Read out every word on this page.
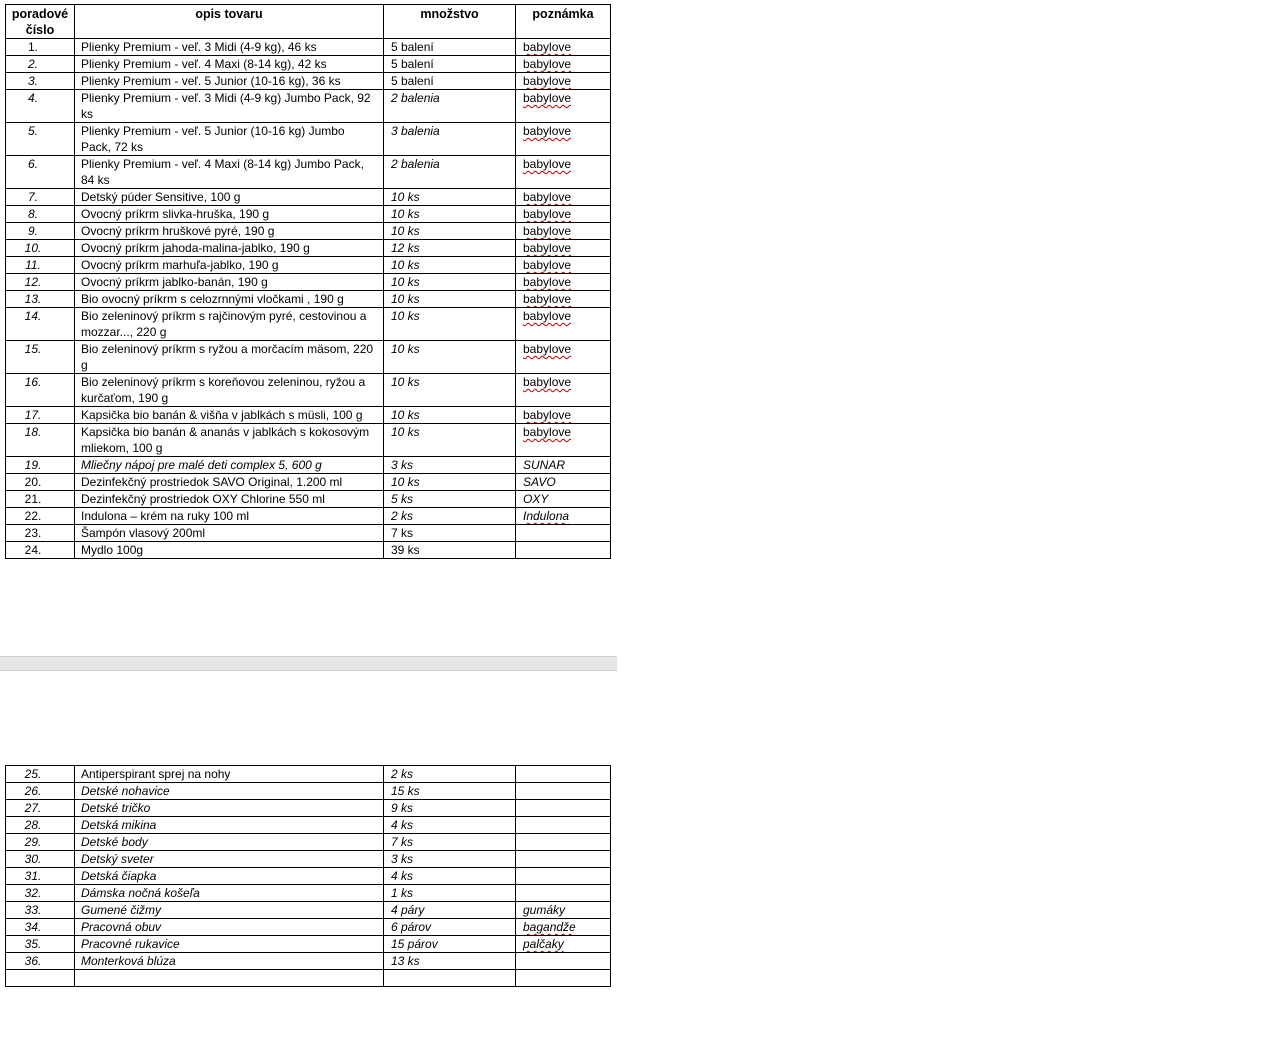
poradové číslo	opis tovaru	množstvo	poznámka
1.	Plienky Premium - veľ. 3 Midi (4-9 kg), 46 ks	5 balení	babylove
2.	Plienky Premium - veľ. 4 Maxi (8-14 kg), 42 ks	5 balení	babylove
3.	Plienky Premium - veľ. 5 Junior (10-16 kg), 36 ks	5 balení	babylove
4.	Plienky Premium - veľ. 3 Midi (4-9 kg) Jumbo Pack, 92 ks	2 balenia	babylove
5.	Plienky Premium - veľ. 5 Junior (10-16 kg) Jumbo Pack, 72 ks	3 balenia	babylove
6.	Plienky Premium - veľ. 4 Maxi (8-14 kg) Jumbo Pack, 84 ks	2 balenia	babylove
7.	Detský púder Sensitive, 100 g	10 ks	babylove
8.	Ovocný príkrm slivka-hruška, 190 g	10 ks	babylove
9.	Ovocný príkrm hruškové pyré, 190 g	10 ks	babylove
10.	Ovocný príkrm jahoda-malina-jablko, 190 g	12 ks	babylove
11.	Ovocný príkrm marhuľa-jablko, 190 g	10 ks	babylove
12.	Ovocný príkrm jablko-banán, 190 g	10 ks	babylove
13.	Bio ovocný príkrm s celozrnnými vločkami , 190 g	10 ks	babylove
14.	Bio zeleninový príkrm s rajčinovým pyré, cestovinou a mozzar..., 220 g	10 ks	babylove
15.	Bio zeleninový príkrm s ryžou a morčacím mäsom, 220 g	10 ks	babylove
16.	Bio zeleninový príkrm s koreňovou zeleninou, ryžou a kurčaťom, 190 g	10 ks	babylove
17.	Kapsička bio banán & višňa v jablkách s müsli, 100 g	10 ks	babylove
18.	Kapsička bio banán & ananás v jablkách s kokosovým mliekom, 100 g	10 ks	babylove
19.	Mliečny nápoj pre malé deti complex 5, 600 g	3 ks	SUNAR
20.	Dezinfekčný prostriedok SAVO Original, 1.200 ml	10 ks	SAVO
21.	Dezinfekčný prostriedok OXY Chlorine 550 ml	5 ks	OXY
22.	Indulona – krém na ruky 100 ml	2 ks	Indulona
23.	Šampón vlasový 200ml	7 ks	
24.	Mydlo 100g	39 ks	
25.	Antiperspirant sprej na nohy	2 ks	
26.	Detské nohavice	15 ks	
27.	Detské tričko	9 ks	
28.	Detská mikina	4 ks	
29.	Detské body	7 ks	
30.	Detský sveter	3 ks	
31.	Detská čiapka	4 ks	
32.	Dámska nočná košeľa	1 ks	
33.	Gumené čižmy	4 páry	gumáky
34.	Pracovná obuv	6 párov	bagandže
35.	Pracovné rukavice	15 párov	palčaky
36.	Monterková blúza	13 ks	
